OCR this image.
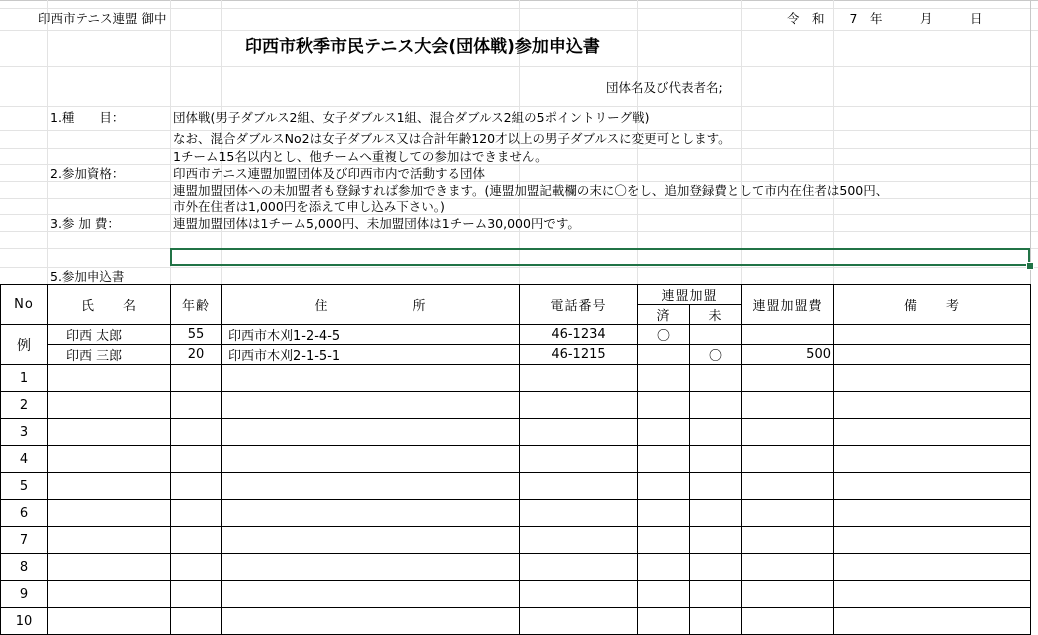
印西市テニス連盟 御中	令　和　　7　年　　　月　　　日
印西市秋季市民テニス大会(団体戦)参加申込書
団体名及び代表者名;
1.種　　目：	団体戦(男子ダブルス2組、女子ダブルス1組、混合ダブルス2組の5ポイントリーグ戦)
なお、混合ダブルスNo2は女子ダブルス又は合計年齢120才以上の男子ダブルスに変更可とします。
1チーム15名以内とし、他チームへ重複しての参加はできません。
2.参加資格：	印西市テニス連盟加盟団体及び印西市内で活動する団体
連盟加盟団体への未加盟者も登録すれば参加できます。(連盟加盟記載欄の末に〇をし、追加登録費として市内在住者は500円、
市外在住者は1,000円を添えて申し込み下さい。)
3.参 加 費：	連盟加盟団体は1チーム5,000円、未加盟団体は1チーム30,000円です。
5.参加申込書
No	氏　　名	年齢	住　　　　　　所	電話番号	連盟加盟		連盟加盟費	備　　考
					済	未		
例	印西 太郎	55	印西市木刈1-2-4-5	46-1234	〇			
	印西 三郎	20	印西市木刈2-1-5-1	46-1215		〇	500	
1								
2								
3								
4								
5								
6								
7								
8								
9								
10								
